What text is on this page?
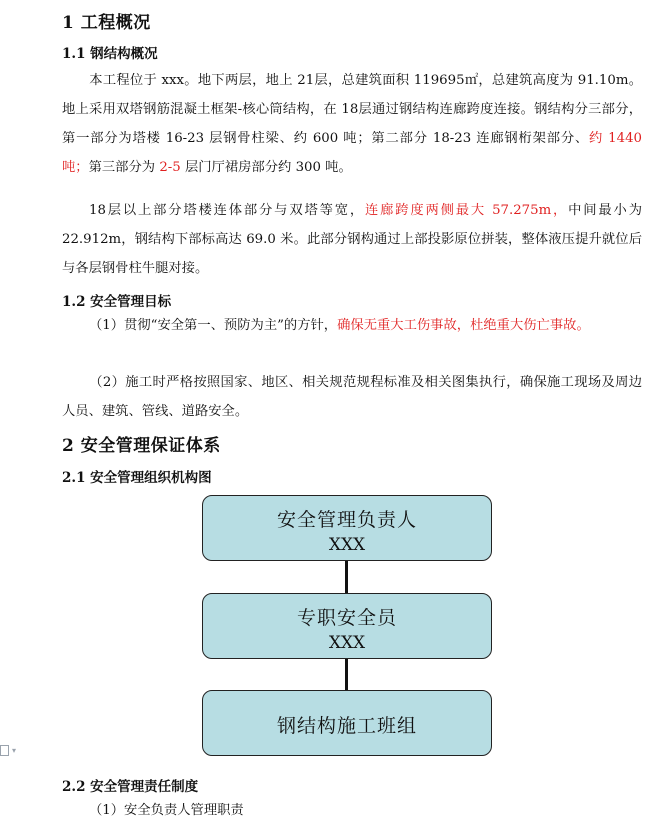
1 工程概况
1.1 钢结构概况
本工程位于 xxx。地下两层，地上 21层，总建筑面积 119695㎡，总建筑高度为 91.10m。地上采用双塔钢筋混凝土框架-核心筒结构，在 18层通过钢结构连廊跨度连接。钢结构分三部分，第一部分为塔楼 16-23 层钢骨柱梁、约 600 吨；第二部分 18-23 连廊钢桁架部分、约 1440 吨；第三部分为 2-5 层门厅裙房部分约 300 吨。
18层以上部分塔楼连体部分与双塔等宽，连廊跨度两侧最大 57.275m，中间最小为 22.912m，钢结构下部标高达 69.0 米。此部分钢构通过上部投影原位拼装，整体液压提升就位后与各层钢骨柱牛腿对接。
1.2 安全管理目标
（1）贯彻“安全第一、预防为主”的方针，确保无重大工伤事故，杜绝重大伤亡事故。
（2）施工时严格按照国家、地区、相关规范规程标准及相关图集执行，确保施工现场及周边人员、建筑、管线、道路安全。
2 安全管理保证体系
2.1 安全管理组织机构图
安全管理负责人
XXX
专职安全员
XXX
钢结构施工班组
2.2 安全管理责任制度
（1）安全负责人管理职责
▾
